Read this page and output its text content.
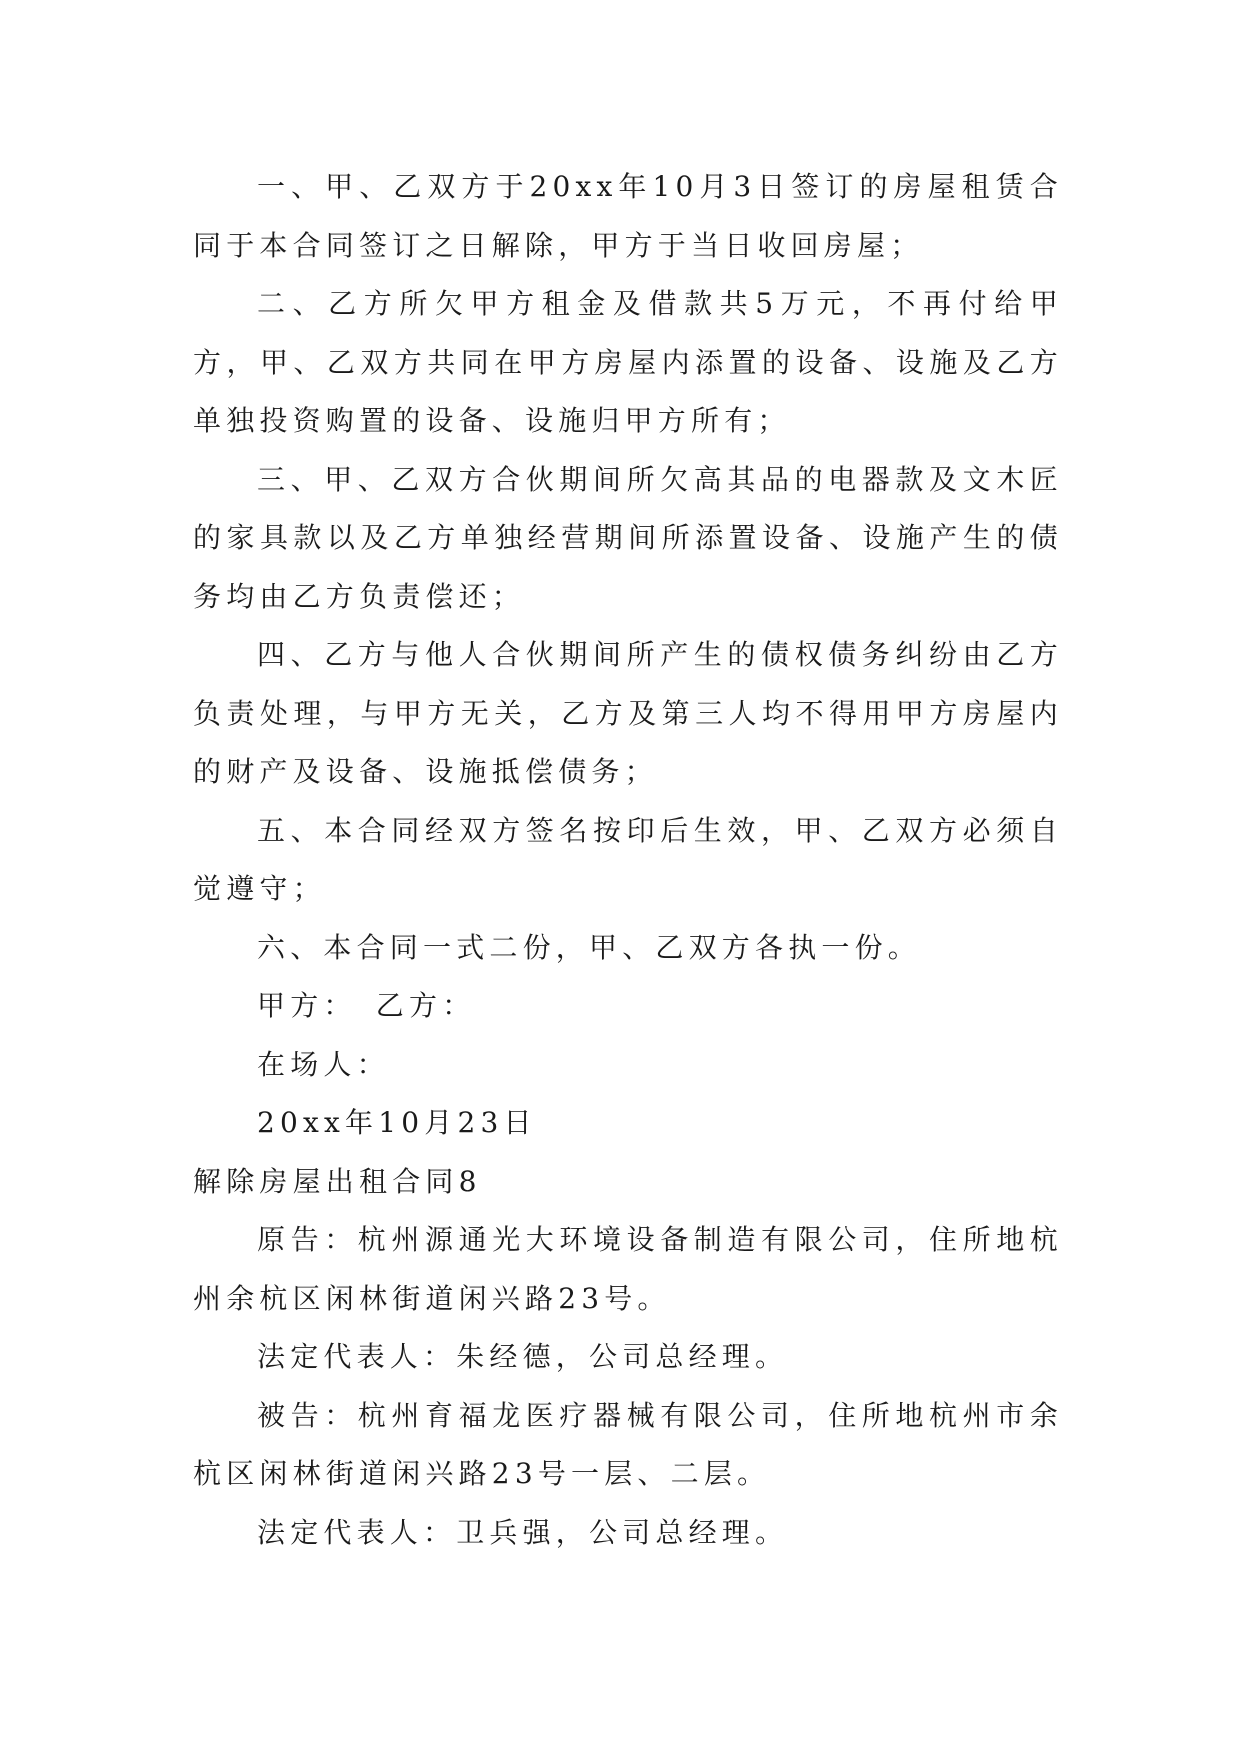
一、甲、乙双方于20xx年10月3日签订的房屋租赁合同于本合同签订之日解除，甲方于当日收回房屋；

二、乙方所欠甲方租金及借款共5万元，不再付给甲方，甲、乙双方共同在甲方房屋内添置的设备、设施及乙方单独投资购置的设备、设施归甲方所有；

三、甲、乙双方合伙期间所欠高其品的电器款及文木匠的家具款以及乙方单独经营期间所添置设备、设施产生的债务均由乙方负责偿还；

四、乙方与他人合伙期间所产生的债权债务纠纷由乙方负责处理，与甲方无关，乙方及第三人均不得用甲方房屋内的财产及设备、设施抵偿债务；

五、本合同经双方签名按印后生效，甲、乙双方必须自觉遵守；

六、本合同一式二份，甲、乙双方各执一份。

甲方：　乙方：

在场人：

20xx年10月23日

解除房屋出租合同8

原告：杭州源通光大环境设备制造有限公司，住所地杭州余杭区闲林街道闲兴路23号。

法定代表人：朱经德，公司总经理。

被告：杭州育福龙医疗器械有限公司，住所地杭州市余杭区闲林街道闲兴路23号一层、二层。

法定代表人：卫兵强，公司总经理。
